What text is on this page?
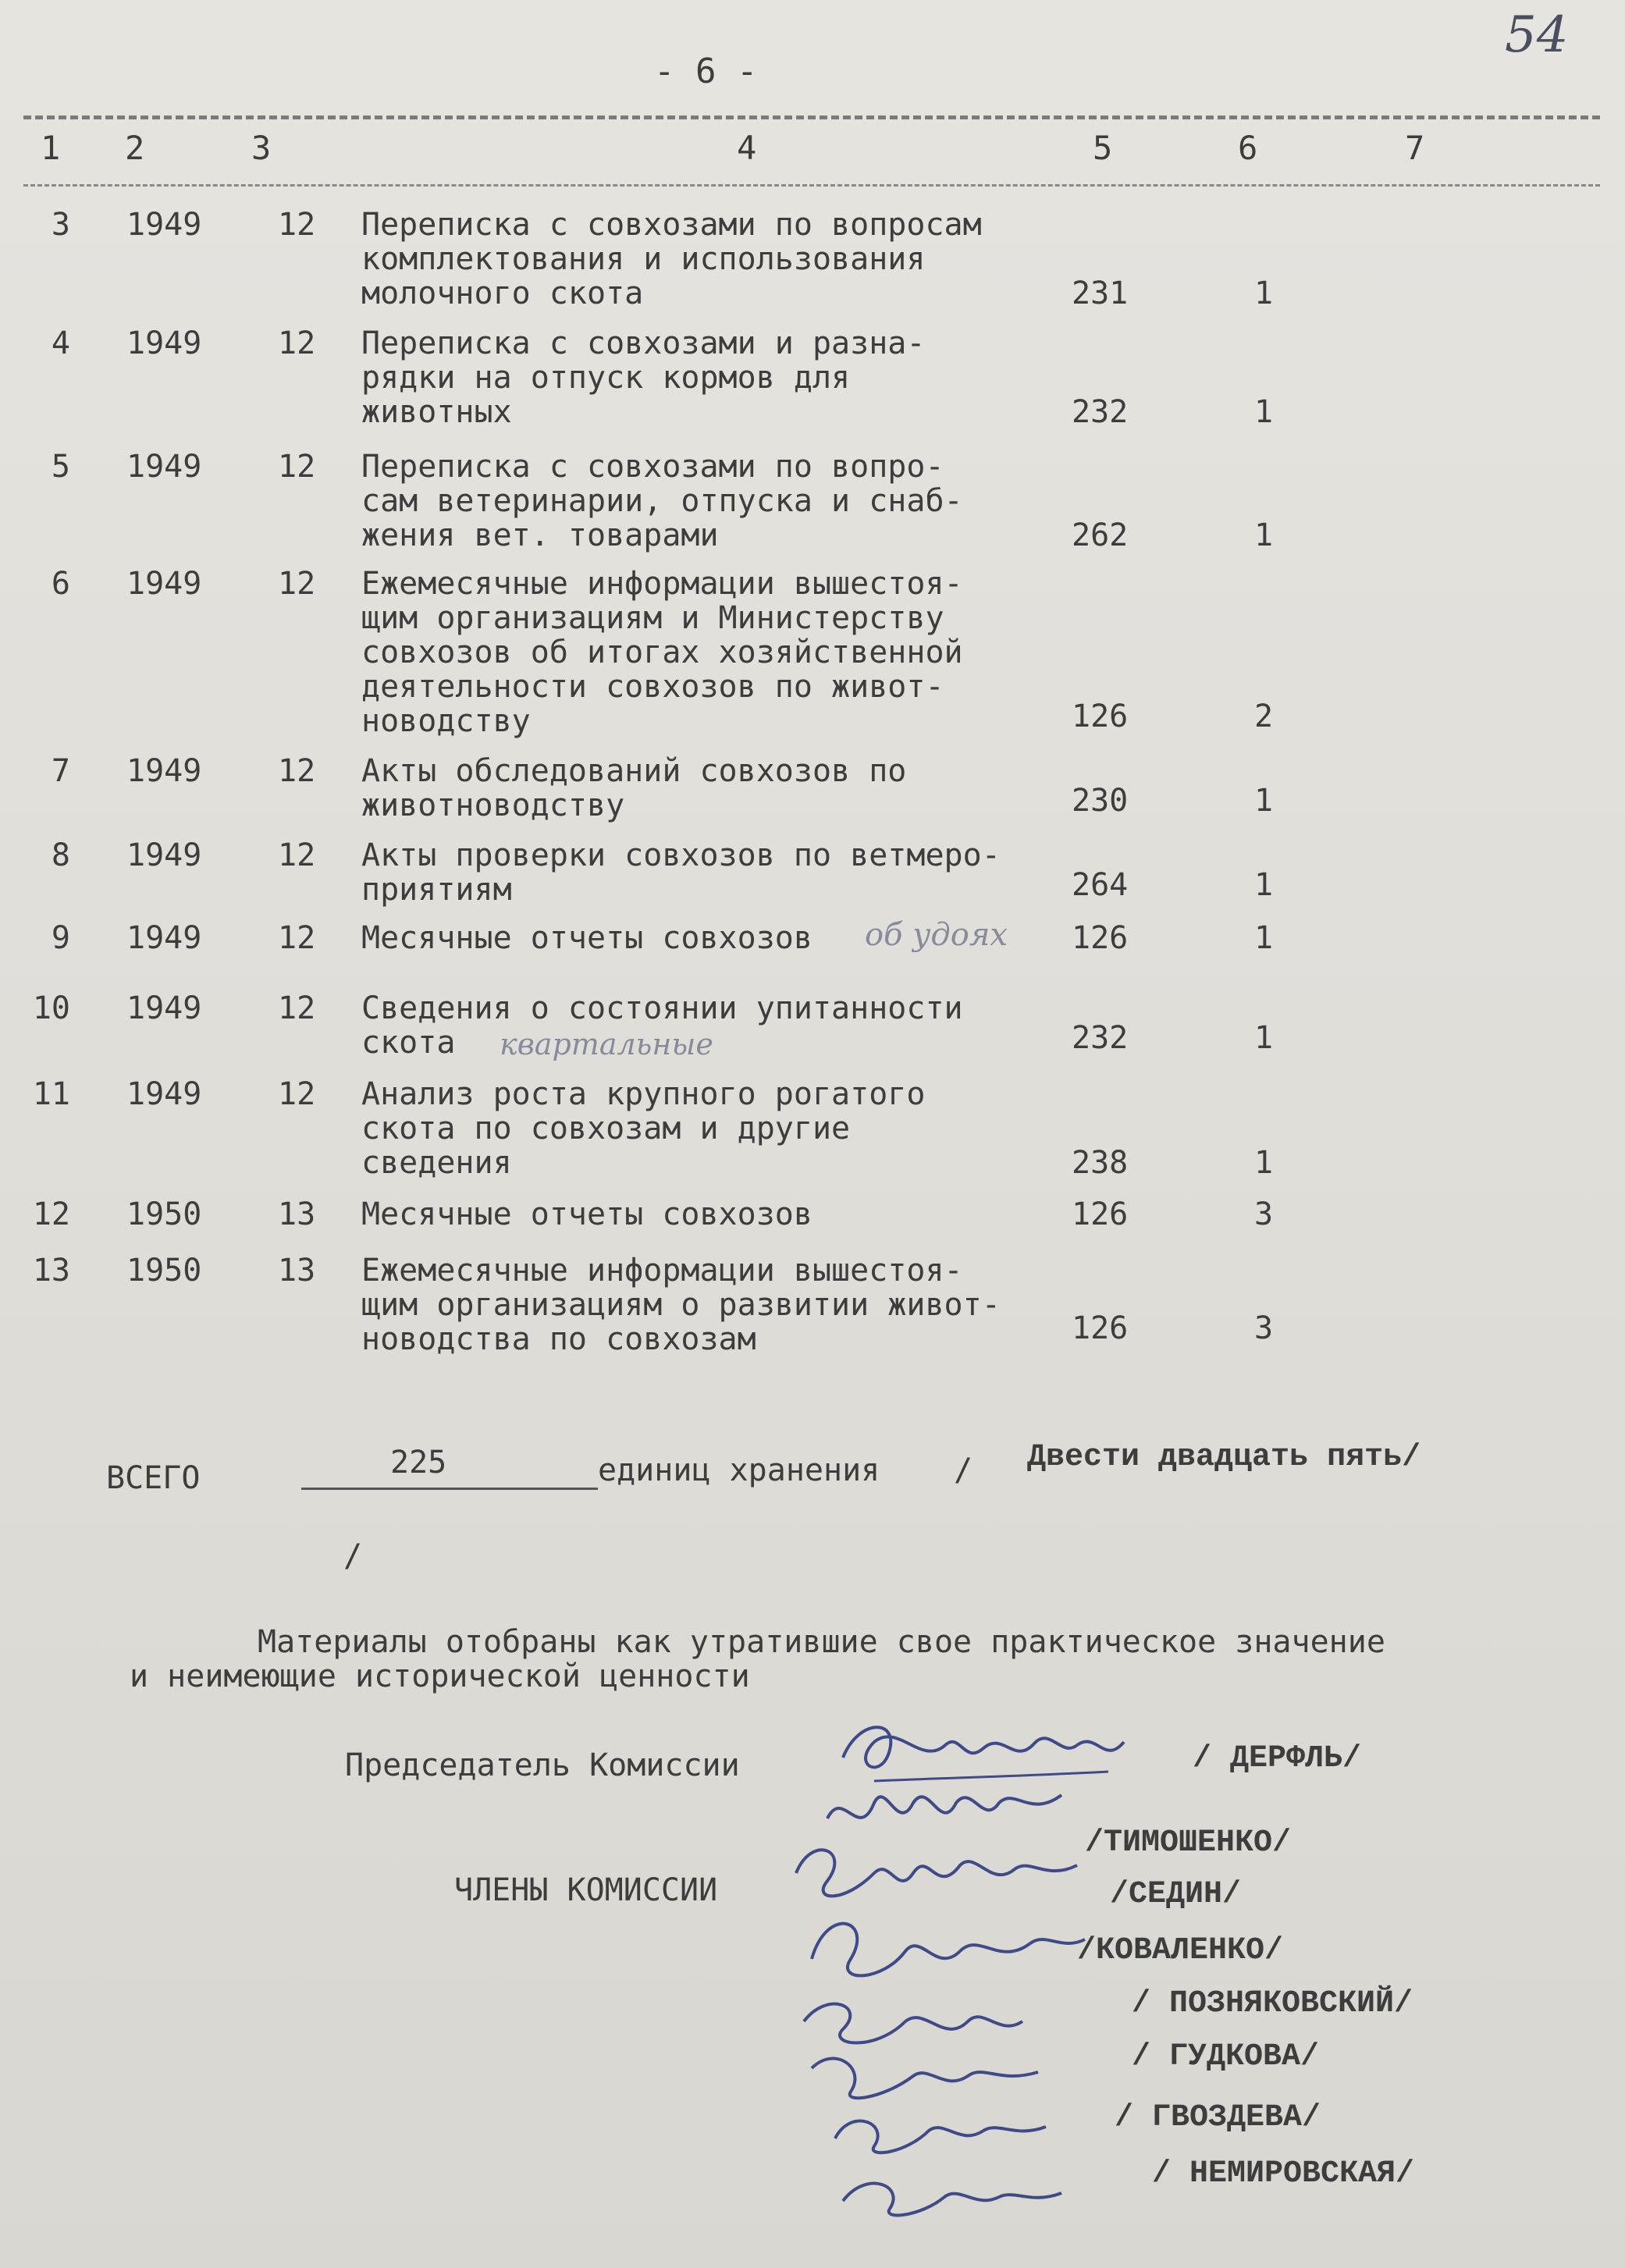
54
- 6 -
1 2	3	4	5	6	7
3 1949 12 Переписка с совхозами по вопросам
комплектования и использования
молочного скота	231	1
4 1949 12 Переписка с совхозами и разна-
рядки на отпуск кормов для
животных	232	1
5 1949 12 Переписка с совхозами по вопро-
сам ветеринарии, отпуска и снаб-
жения вет. товарами	262	1
6 1949 12 Ежемесячные информации вышестоя-
щим организациям и Министерству
совхозов об итогах хозяйственной
деятельности совхозов по живот-
новодству	126	2
7 1949 12 Акты обследований совхозов по
животноводству	230	1
8 1949 12 Акты проверки совхозов по ветмеро-
приятиям	264	1
9 1949 12 Месячные отчеты совхозов об удоях 126	1
10 1949 12 Сведения о состоянии упитанности
скота	квартальные	232	1
11 1949 12 Анализ роста крупного рогатого
скота по совхозам и другие
сведения	238	1
12 1950 13 Месячные отчеты совхозов	126	3
13 1950 13 Ежемесячные информации вышестоя-
щим организациям о развитии живот-
новодства по совхозам	126	3
ВСЕГО	225	единиц хранения / Двести двадцать пять/
/
Материалы отобраны как утратившие свое практическое значение
и неимеющие исторической ценности
Председатель Комиссии	/ ДЕРФЛЬ/
ЧЛЕНЫ КОМИССИИ
/ТИМОШЕНКО/
/СЕДИН/
/КОВАЛЕНКО/
/ ПОЗНЯКОВСКИЙ/
/ ГУДКОВА/
/ ГВОЗДЕВА/
/ НЕМИРОВСКАЯ/
